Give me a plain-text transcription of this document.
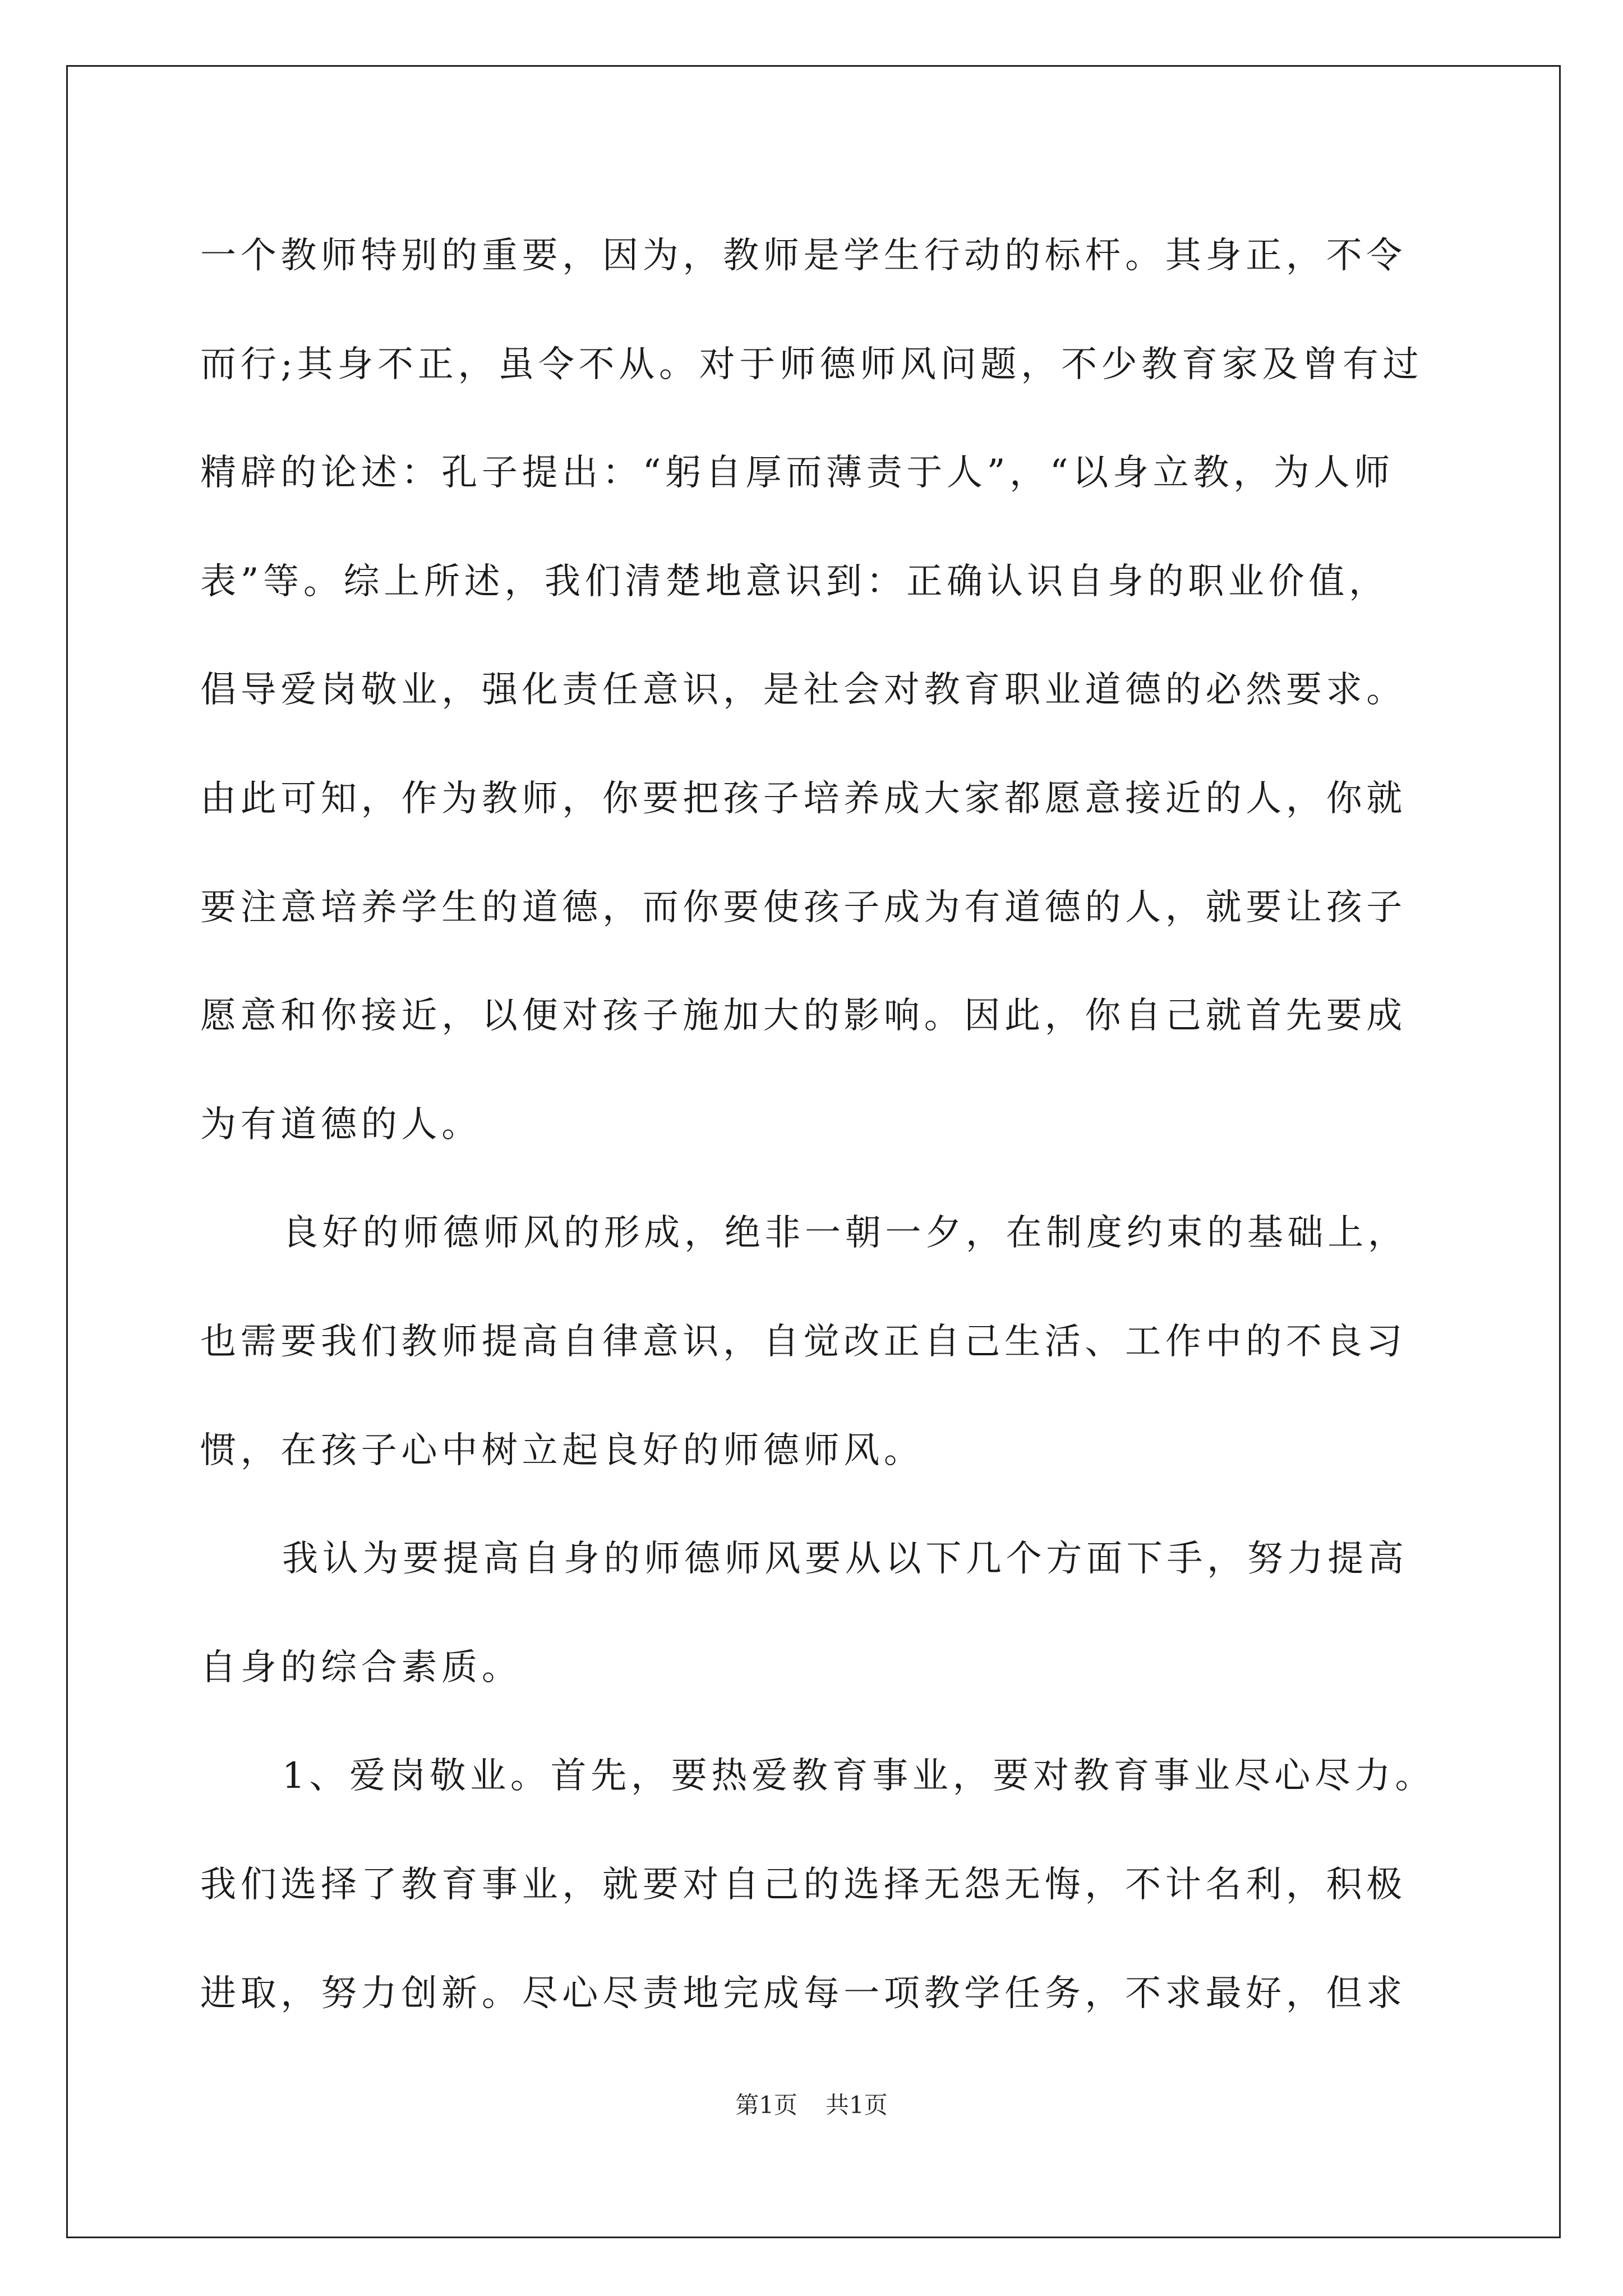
一个教师特别的重要，因为，教师是学生行动的标杆。其身正，不令
而行;其身不正，虽令不从。对于师德师风问题，不少教育家及曾有过
精辟的论述：孔子提出：“躬自厚而薄责于人”，“以身立教，为人师
表”等。综上所述，我们清楚地意识到：正确认识自身的职业价值，
倡导爱岗敬业，强化责任意识，是社会对教育职业道德的必然要求。
由此可知，作为教师，你要把孩子培养成大家都愿意接近的人，你就
要注意培养学生的道德，而你要使孩子成为有道德的人，就要让孩子
愿意和你接近，以便对孩子施加大的影响。因此，你自己就首先要成
为有道德的人。
良好的师德师风的形成，绝非一朝一夕，在制度约束的基础上，
也需要我们教师提高自律意识，自觉改正自己生活、工作中的不良习
惯，在孩子心中树立起良好的师德师风。
我认为要提高自身的师德师风要从以下几个方面下手，努力提高
自身的综合素质。
1、爱岗敬业。首先，要热爱教育事业，要对教育事业尽心尽力。
我们选择了教育事业，就要对自己的选择无怨无悔，不计名利，积极
进取，努力创新。尽心尽责地完成每一项教学任务，不求最好，但求
第1页 共1页
